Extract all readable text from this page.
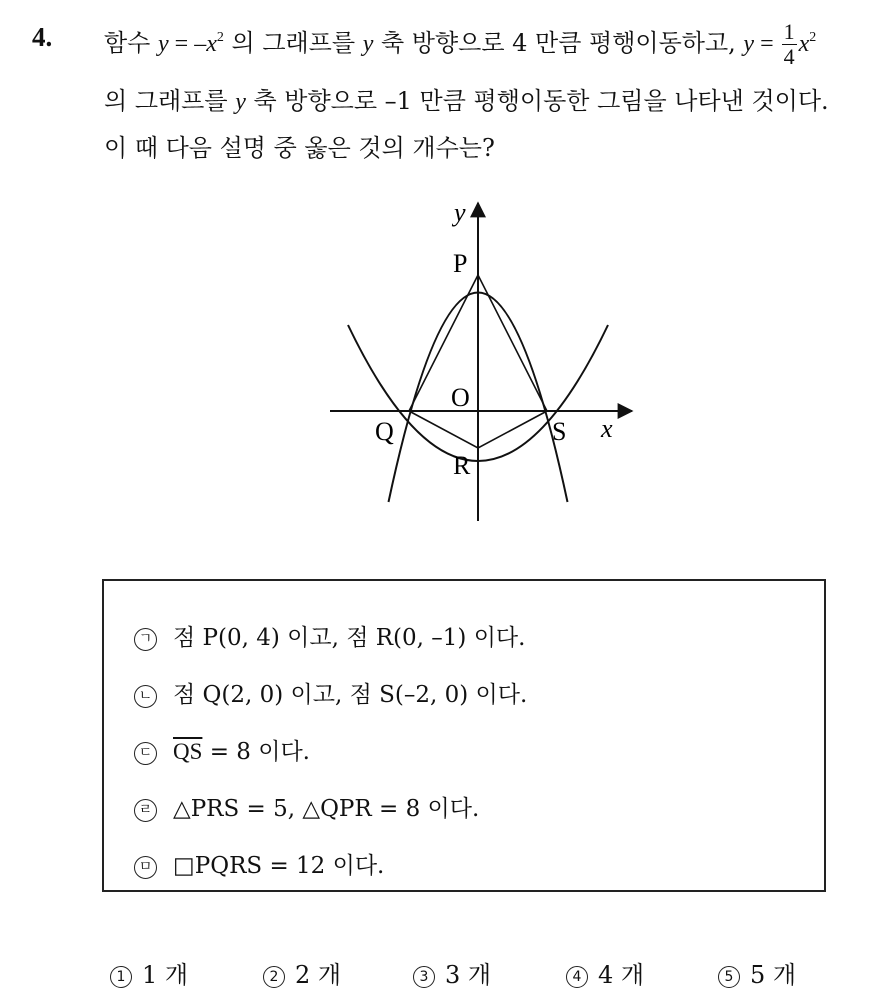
4. 함수 $y = -x^2$ 의 그래프를 y 축 방향으로 4 만큼 평행이동하고, $y = \frac{1}{4} x^2$
의 그래프를 y 축 방향으로 –1 만큼 평행이동한 그림을 나타낸 것이다.
이 때 다음 설명 중 옳은 것의 개수는?
y
P
O
Q	S x
R
ㄱ 점 P(0, 4) 이고, 점 R(0, –1) 이다.
ㄴ 점 Q(2, 0) 이고, 점 S(–2, 0) 이다.
ㄷ $\overline{QS} = 8$ 이다.
ㄹ △PRS = 5, △QPR = 8 이다.
ㅁ □PQRS = 12 이다.
1 1 개	2 2 개	3 3 개	4 4 개	5 5 개
